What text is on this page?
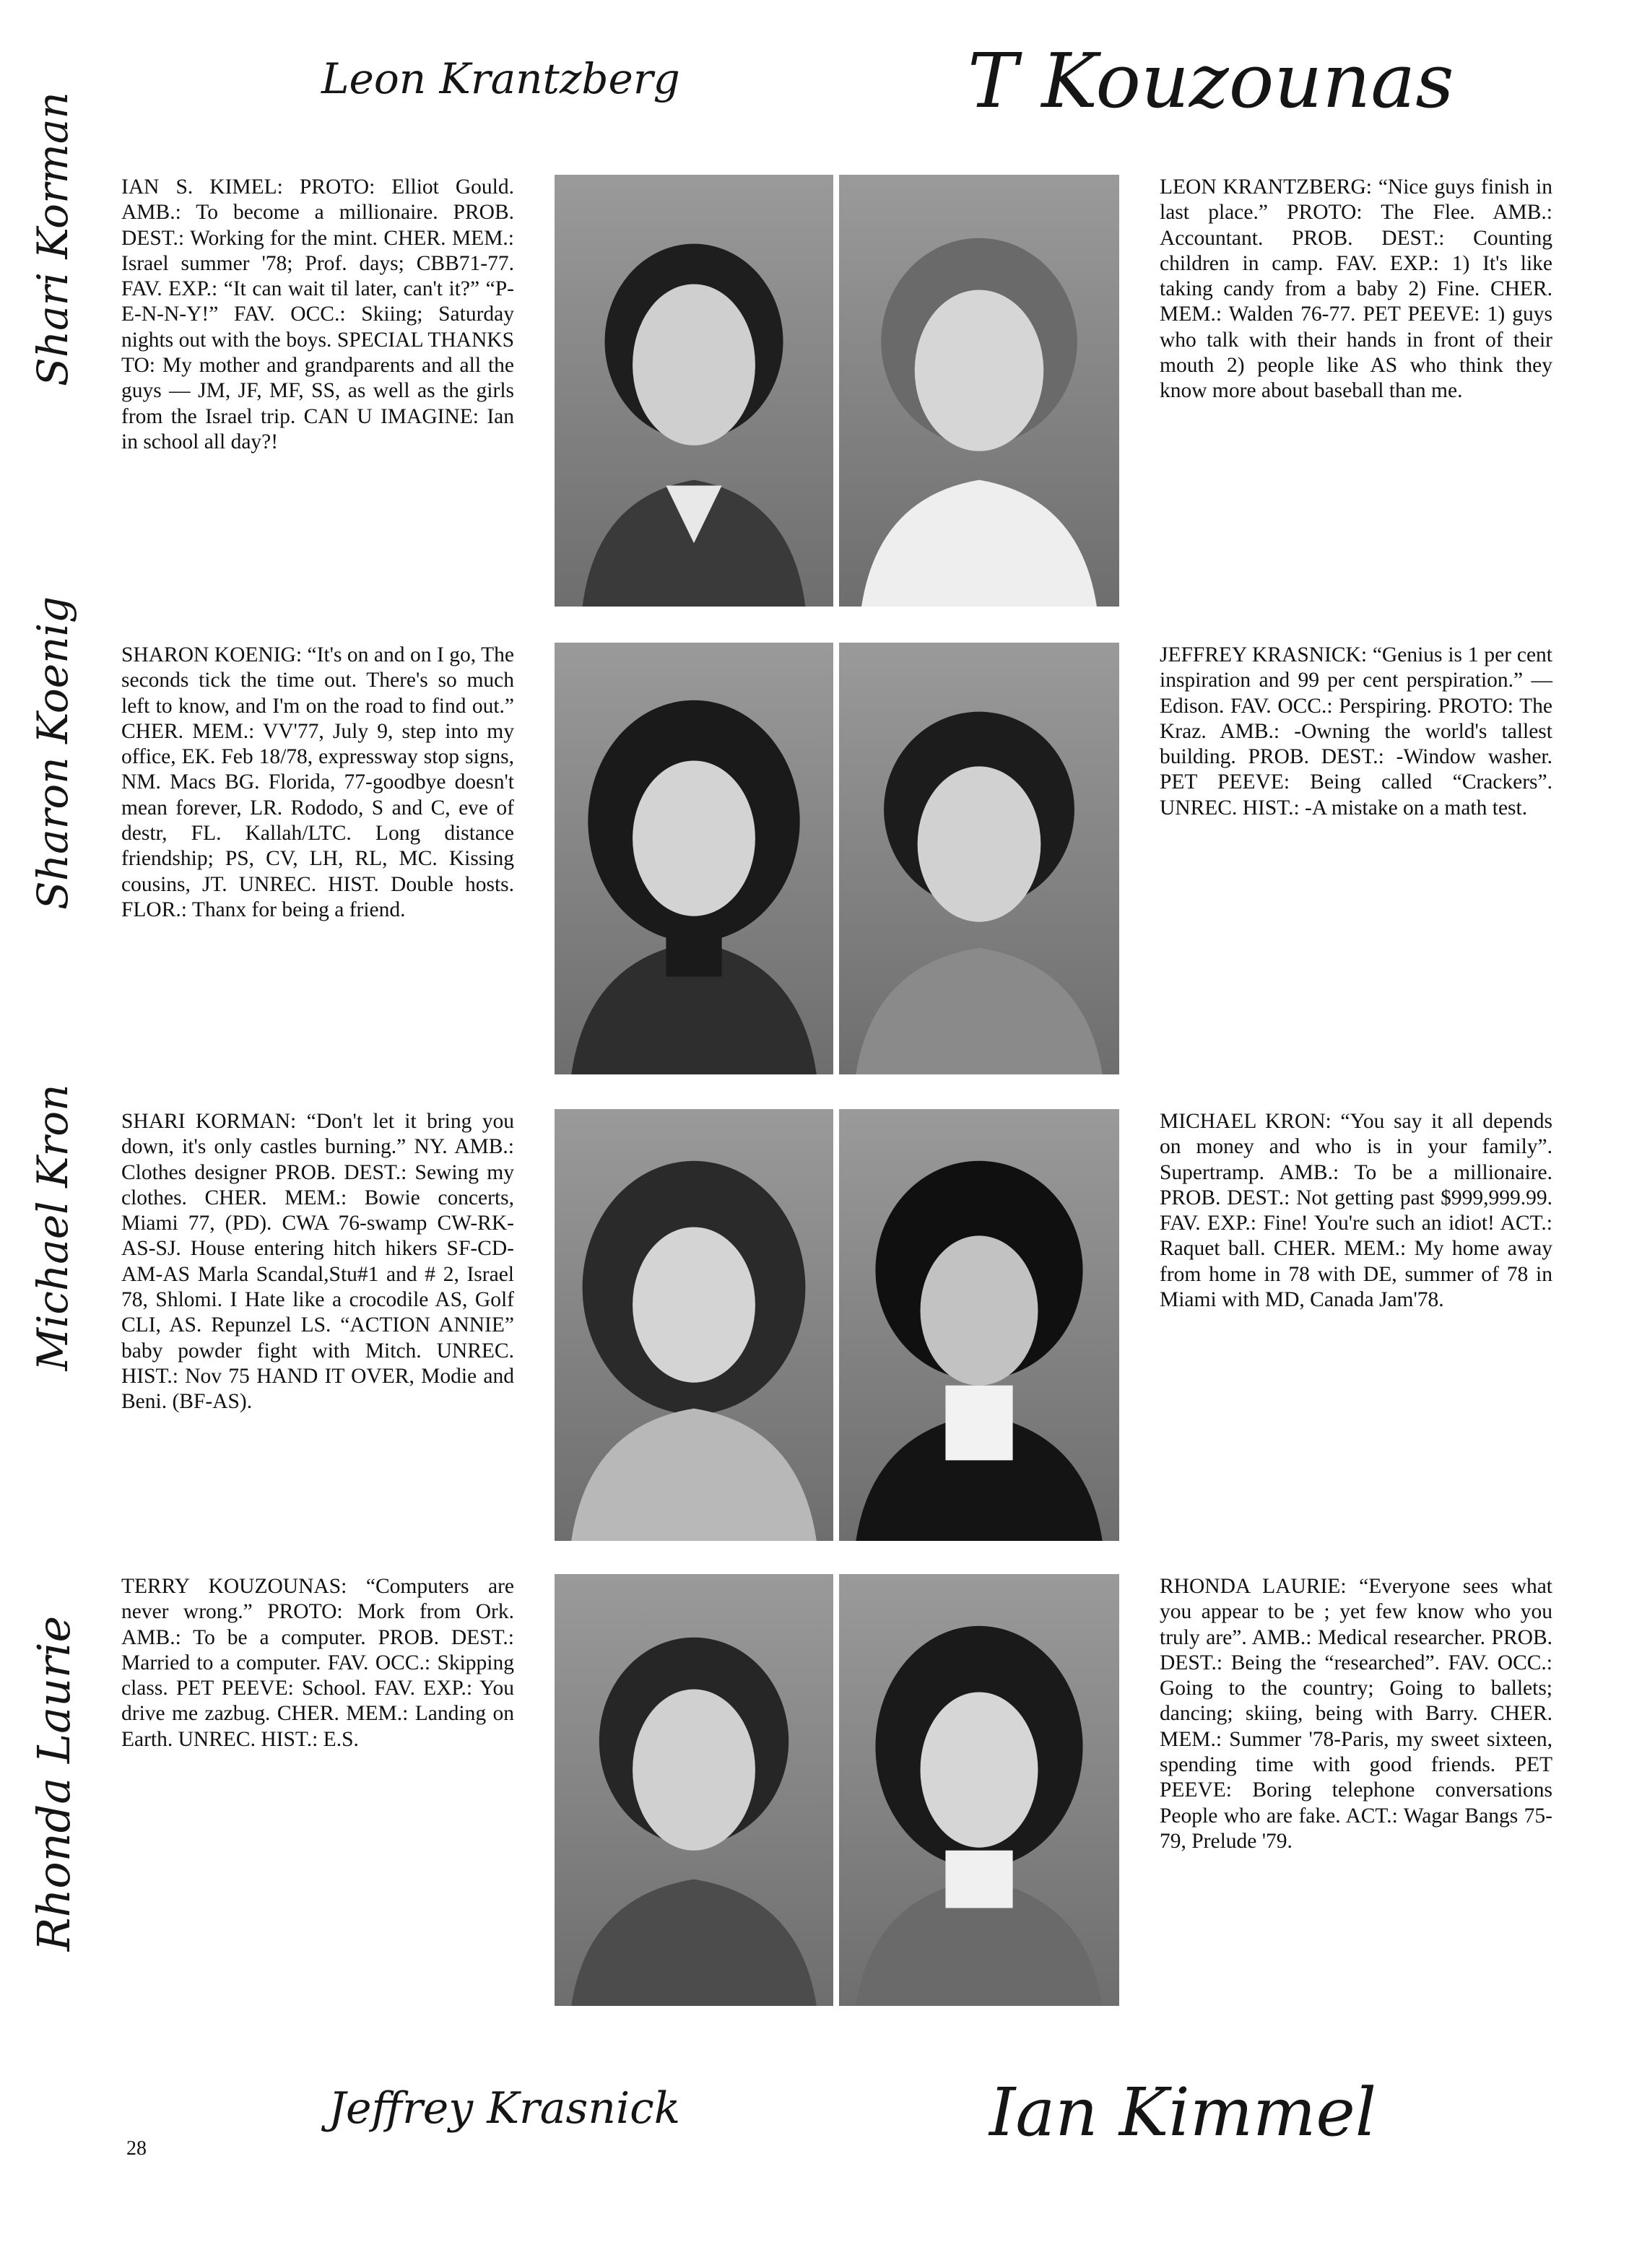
Leon Krantzberg	T Kouzounas
Shari Korman
Sharon Koenig
Michael Kron
Rhonda Laurie
Jeffrey Krasnick	Ian Kimmel

IAN S. KIMEL: PROTO: Elliot Gould. AMB.: To become a millionaire. PROB. DEST.: Working for the mint. CHER. MEM.: Israel summer '78; Prof. days; CBB71-77. FAV. EXP.: “It can wait til later, can't it?” “P-E-N-N-Y!” FAV. OCC.: Skiing; Saturday nights out with the boys. SPECIAL THANKS TO: My mother and grandparents and all the guys — JM, JF, MF, SS, as well as the girls from the Israel trip. CAN U IMAGINE: Ian in school all day?!

LEON KRANTZBERG: “Nice guys finish in last place.” PROTO: The Flee. AMB.: Accountant. PROB. DEST.: Counting children in camp. FAV. EXP.: 1) It's like taking candy from a baby 2) Fine. CHER. MEM.: Walden 76-77. PET PEEVE: 1) guys who talk with their hands in front of their mouth 2) people like AS who think they know more about baseball than me.

SHARON KOENIG: “It's on and on I go, The seconds tick the time out. There's so much left to know, and I'm on the road to find out.” CHER. MEM.: VV'77, July 9, step into my office, EK. Feb 18/78, expressway stop signs, NM. Macs BG. Florida, 77-goodbye doesn't mean forever, LR. Rododo, S and C, eve of destr, FL. Kallah/LTC. Long distance friendship; PS, CV, LH, RL, MC. Kissing cousins, JT. UNREC. HIST. Double hosts. FLOR.: Thanx for being a friend.

JEFFREY KRASNICK: “Genius is 1 per cent inspiration and 99 per cent perspiration.” —Edison. FAV. OCC.: Perspiring. PROTO: The Kraz. AMB.: -Owning the world's tallest building. PROB. DEST.: -Window washer. PET PEEVE: Being called “Crackers”. UNREC. HIST.: -A mistake on a math test.

SHARI KORMAN: “Don't let it bring you down, it's only castles burning.” NY. AMB.: Clothes designer PROB. DEST.: Sewing my clothes. CHER. MEM.: Bowie concerts, Miami 77, (PD). CWA 76-swamp CW-RK-AS-SJ. House entering hitch hikers SF-CD-AM-AS Marla Scandal,Stu#1 and # 2, Israel 78, Shlomi. I Hate like a crocodile AS, Golf CLI, AS. Repunzel LS. “ACTION ANNIE” baby powder fight with Mitch. UNREC. HIST.: Nov 75 HAND IT OVER, Modie and Beni. (BF-AS).

MICHAEL KRON: “You say it all depends on money and who is in your family”. Supertramp. AMB.: To be a millionaire. PROB. DEST.: Not getting past $999,999.99. FAV. EXP.: Fine! You're such an idiot! ACT.: Raquet ball. CHER. MEM.: My home away from home in 78 with DE, summer of 78 in Miami with MD, Canada Jam'78.

TERRY KOUZOUNAS: “Computers are never wrong.” PROTO: Mork from Ork. AMB.: To be a computer. PROB. DEST.: Married to a computer. FAV. OCC.: Skipping class. PET PEEVE: School. FAV. EXP.: You drive me zazbug. CHER. MEM.: Landing on Earth. UNREC. HIST.: E.S.

RHONDA LAURIE: “Everyone sees what you appear to be ; yet few know who you truly are”. AMB.: Medical researcher. PROB. DEST.: Being the “researched”. FAV. OCC.: Going to the country; Going to ballets; dancing; skiing, being with Barry. CHER. MEM.: Summer '78-Paris, my sweet sixteen, spending time with good friends. PET PEEVE: Boring telephone conversations People who are fake. ACT.: Wagar Bangs 75-79, Prelude '79.

28
